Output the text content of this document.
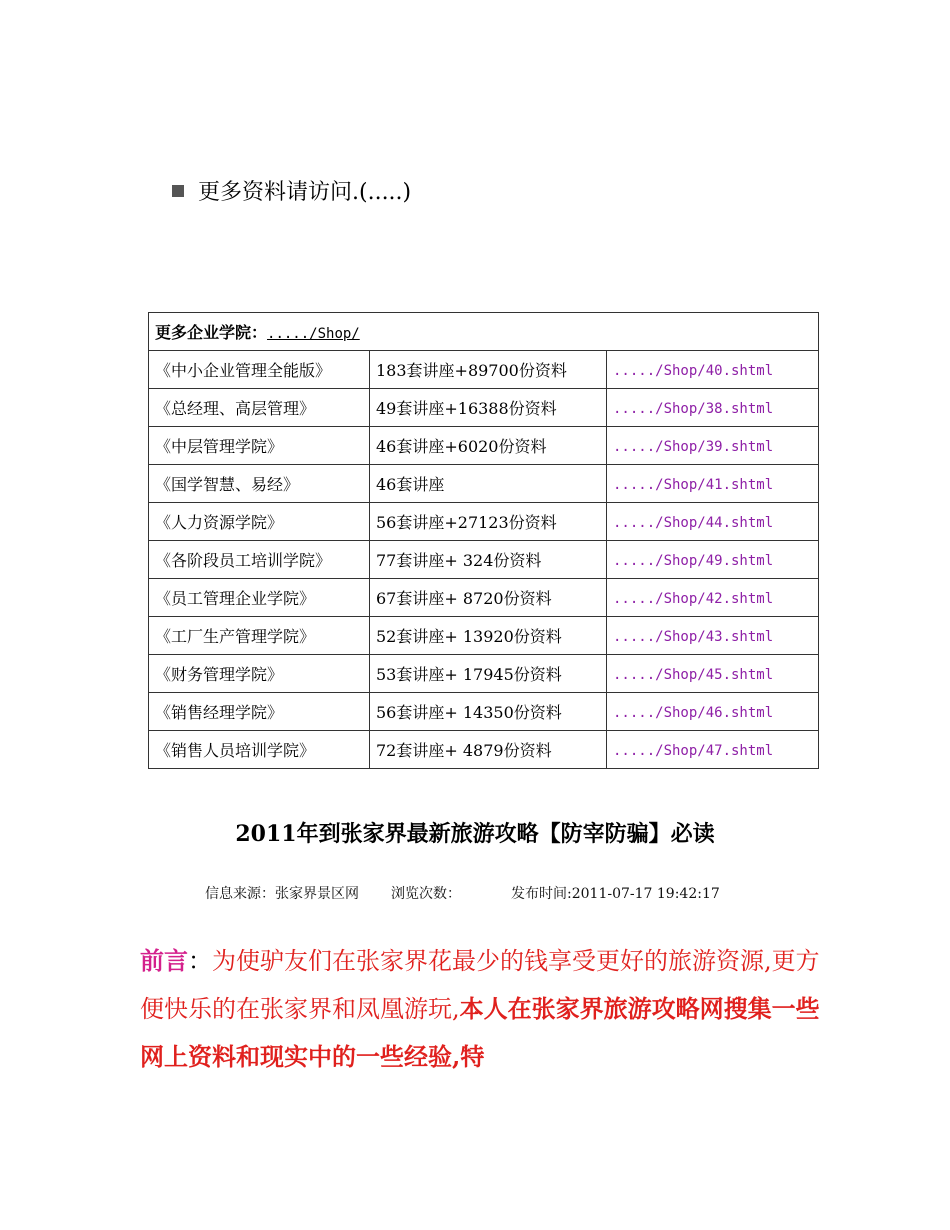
更多资料请访问.(.....)
更多企业学院：...../Shop/		
《中小企业管理全能版》	183套讲座+89700份资料	...../Shop/40.shtml
《总经理、高层管理》	49套讲座+16388份资料	...../Shop/38.shtml
《中层管理学院》	46套讲座+6020份资料	...../Shop/39.shtml
《国学智慧、易经》	46套讲座	...../Shop/41.shtml
《人力资源学院》	56套讲座+27123份资料	...../Shop/44.shtml
《各阶段员工培训学院》	77套讲座+ 324份资料	...../Shop/49.shtml
《员工管理企业学院》	67套讲座+ 8720份资料	...../Shop/42.shtml
《工厂生产管理学院》	52套讲座+ 13920份资料	...../Shop/43.shtml
《财务管理学院》	53套讲座+ 17945份资料	...../Shop/45.shtml
《销售经理学院》	56套讲座+ 14350份资料	...../Shop/46.shtml
《销售人员培训学院》	72套讲座+ 4879份资料	...../Shop/47.shtml
2011年到张家界最新旅游攻略【防宰防骗】必读
信息来源：张家界景区网 浏览次数：	发布时间:2011-07-17 19:42:17
前言：为使驴友们在张家界花最少的钱享受更好的旅游资源,更方便快乐的在张家界和凤凰游玩,本人在张家界旅游攻略网搜集一些网上资料和现实中的一些经验,特
